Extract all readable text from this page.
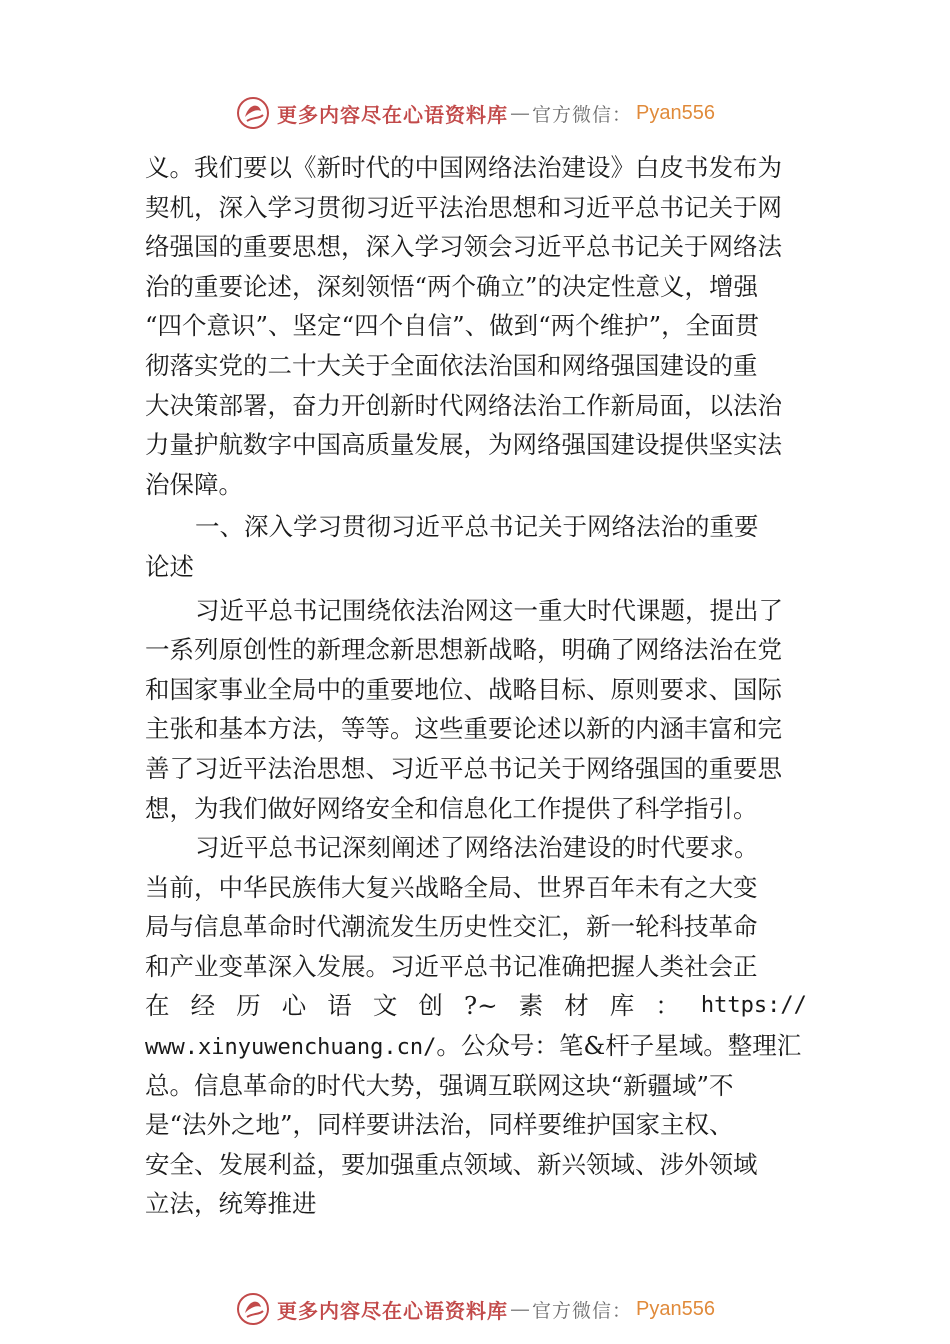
更多内容尽在心语资料库 — 官方微信： Pyan556
义。我们要以《新时代的中国网络法治建设》白皮书发布为
契机，深入学习贯彻习近平法治思想和习近平总书记关于网
络强国的重要思想，深入学习领会习近平总书记关于网络法
治的重要论述，深刻领悟“两个确立”的决定性意义，增强
“四个意识”、坚定“四个自信”、做到“两个维护”，全面贯
彻落实党的二十大关于全面依法治国和网络强国建设的重
大决策部署，奋力开创新时代网络法治工作新局面，以法治
力量护航数字中国高质量发展，为网络强国建设提供坚实法
治保障。
一、深入学习贯彻习近平总书记关于网络法治的重要
论述
习近平总书记围绕依法治网这一重大时代课题，提出了
一系列原创性的新理念新思想新战略，明确了网络法治在党
和国家事业全局中的重要地位、战略目标、原则要求、国际
主张和基本方法，等等。这些重要论述以新的内涵丰富和完
善了习近平法治思想、习近平总书记关于网络强国的重要思
想，为我们做好网络安全和信息化工作提供了科学指引。
习近平总书记深刻阐述了网络法治建设的时代要求。
当前，中华民族伟大复兴战略全局、世界百年未有之大变
局与信息革命时代潮流发生历史性交汇，新一轮科技革命
和产业变革深入发展。习近平总书记准确把握人类社会正
在 经 历 心 语 文 创 ?~ 素 材 库 ： https://
www.xinyuwenchuang.cn/。公众号：笔&杆子星域。整理汇
总。信息革命的时代大势，强调互联网这块“新疆域”不
是“法外之地”，同样要讲法治，同样要维护国家主权、
安全、发展利益，要加强重点领域、新兴领域、涉外领域
立法，统筹推进
更多内容尽在心语资料库 — 官方微信： Pyan556
